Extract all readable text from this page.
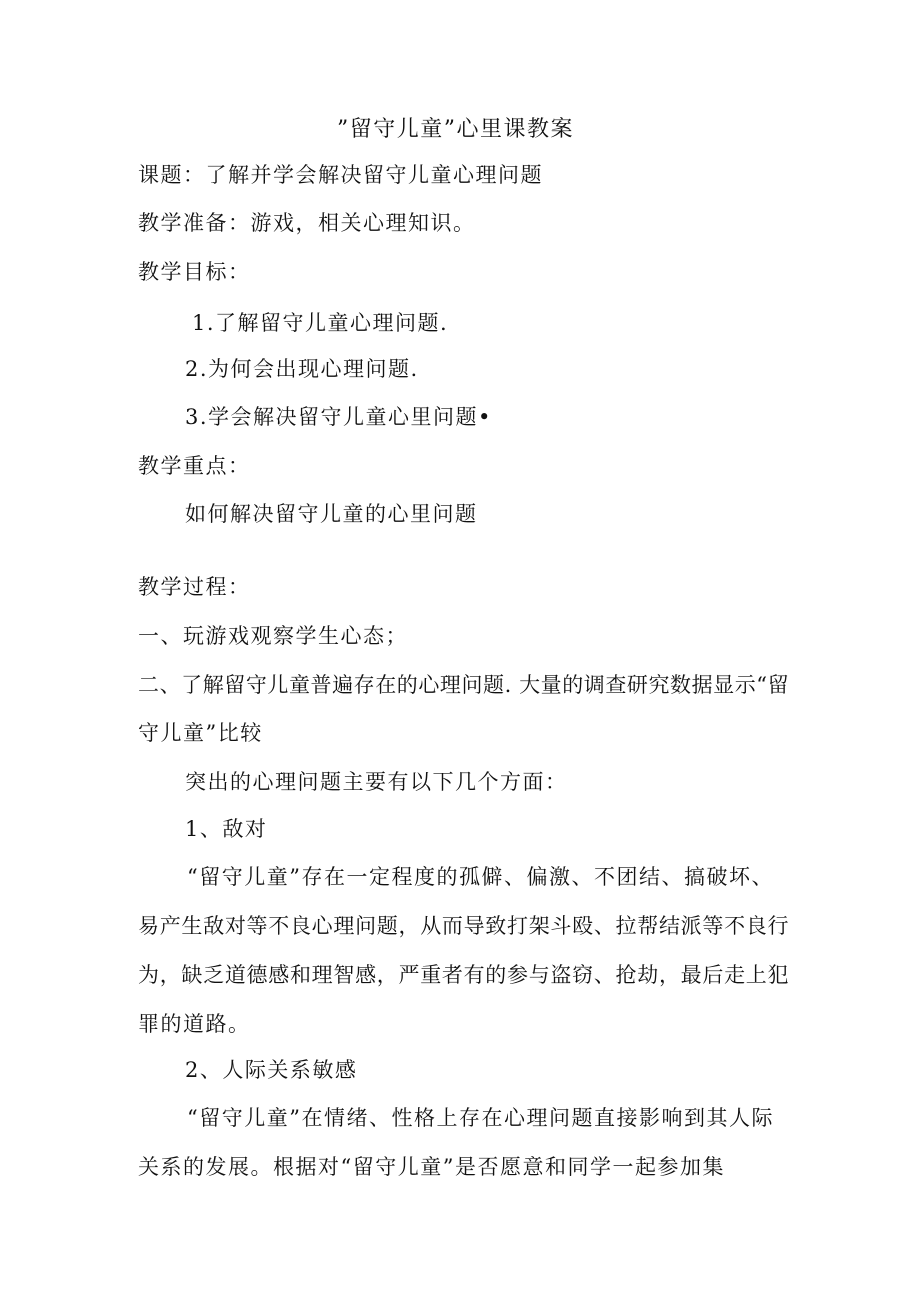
”留守儿童”心里课教案
课题：了解并学会解决留守儿童心理问题
教学准备：游戏，相关心理知识。
教学目标：
1.了解留守儿童心理问题.
2.为何会出现心理问题.
3.学会解决留守儿童心里问题•
教学重点：
如何解决留守儿童的心里问题
教学过程：
一、玩游戏观察学生心态；
二、了解留守儿童普遍存在的心理问题. 大量的调查研究数据显示“留
守儿童”比较
突出的心理问题主要有以下几个方面：
1、敌对
“留守儿童”存在一定程度的孤僻、偏激、不团结、搞破坏、
易产生敌对等不良心理问题，从而导致打架斗殴、拉帮结派等不良行
为，缺乏道德感和理智感，严重者有的参与盗窃、抢劫，最后走上犯
罪的道路。
2、人际关系敏感
“留守儿童”在情绪、性格上存在心理问题直接影响到其人际
关系的发展。根据对“留守儿童”是否愿意和同学一起参加集
